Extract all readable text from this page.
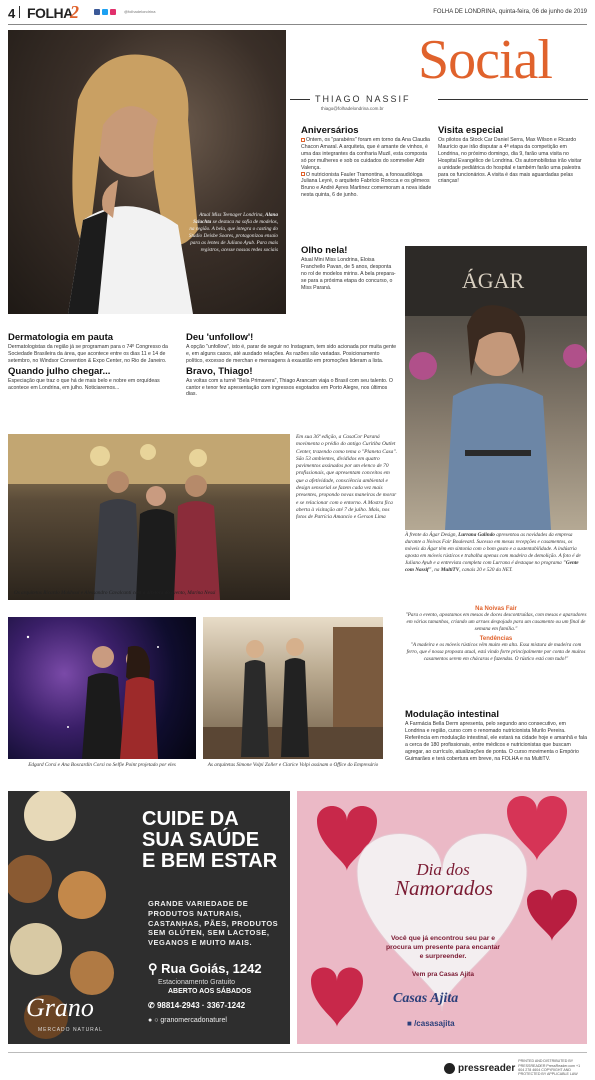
4 FOLHA
2	@folhadelondrina	FOLHA DE LONDRINA, quinta-feira, 06 de junho de 2019

Atual Miss Teenager Londrina, Alana Szlachta se destaca na sofia de modelos, na região. A bela, que integra o casting do Studio Deisbe Soares, protagonizou ensaio para as lentes de Juliano Ayub. Para mais registros, acesse nossas redes sociais

Social
THIAGO NASSIF
thiago@folhadelondrina.com.br
Aniversários

Ontem, os "parabéns" foram em torno da Ana Claudia Chacon Amaral. A arquiteta, que é amante de vinhos, é uma das integrantes da confraria Muzil, esta composta só por mulheres e sob os cuidados do sommelier Adir Valença.

O nutricionista Fauler Tramontina, a fonoaudióloga Juliana Leyré, o arquiteto Fabrício Roncca e os gêmeos Bruno e André Ayres Martinez comemoram a nova idade nesta quinta, 6 de junho.

Visita especial

Os pilotos da Stock Car Daniel Serra, Max Wilson e Ricardo Maurício que irão disputar a 4ª etapa da competição em Londrina, no próximo domingo, dia 9, farão uma visita no Hospital Evangélico de Londrina. Os automobilistas irão visitar a unidade pediátrica do hospital e também farão uma palestra para os funcionários. A visita é das mais aguardadas pelas crianças!

Olho nela!

Atual Mini Miss Londrina, Eloisa Franchello Pavan, de 5 anos, desponta no rol de modelos mirins. A bela prepara-se para a próxima etapa do concurso, o Miss Paraná.	ÁGAR

À frente da Ágar Design, Lurrana Galindo apresentou as novidades da empresa durante a Noivas Fair Boulevard. Sucesso em mesas recepções e casamentos, os móveis da Ágar têm em sintonia com o bom gosto e a sustentabilidade. A indústria aposta em móveis rústicos e trabalha apenas com madeira de demolição. A foto é de Juliano Ayub e a entrevista completa com Lurrana é destaque no programa "Gente com Nassif", na MultiTV, canais 20 e 520 da NET.

Dermatologia em pauta

Dermatologistas da região já se programam para o 74º Congresso da Sociedade Brasileira da área, que acontece entre os dias 11 e 14 de setembro, no Windsor Convention & Expo Center, no Rio de Janeiro.

Quando julho chegar...

Especiação que traz o que há de mais belo e nobre em orquídeas acontece em Londrina, em julho. Noticiaremos...

Deu 'unfollow'!

A opção "unfollow", isto é, parar de seguir no Instagram, tem sido acionada por muita gente e, em alguns casos, até ausdado relações. As razões são variadas. Posicionamento político, excesso de merchan e mensagens à exaustão em promoções lideram a lista.

Bravo, Thiago!

As voltas com a turnê "Bela Primavera", Thiago Arancam viaja o Brasil com seu talento. O cantor e tenor fez apresentação com ingressos esgotados em Porto Alegre, nos últimos dias.

Os arquitetos Ricardo Makhoul e Alessandro Cavalcanti com a diretora do evento, Marina Nessi

Em sua 36ª edição, a CasaCor Paraná movimenta o prédio do antigo Curitiba Outlet Center, trazendo como tema o "Planeta Casa". São 53 ambientes, divididos em quatro pavimentos assinados por um elenco de 70 profissionais, que apresentam conceitos em que a afetividade, consciência ambiental e design sensorial se fazem cada vez mais presentes, propondo novas maneiras de morar e se relacionar com o entorno. A Mostra fica aberta à visitação até 7 de julho. Mais, nos fotos de Patrícia Amancio e Gerson Lima

Na Noivas Fair

"Para o evento, apostamos em mesas de doces descontruídas, com mesas e aparadores em várias tamanhos, criando um arraes despojado para um casamento ou um final de semana em família."

Tendências

"A madeira e os móveis rústicos vêm muito em alta. Essa mistura de madeira com ferro, que é nossa proposta atual, está vindo forte principalmente por conta de muitos casamentos serem em chácaras e fazendas. O rústico está com tudo!"

Edgard Corsi e Ana Boscardin Corsi no Selfie Point projetado por eles	As arquitetas Simone Volpi Zoller e Clarice Volpi assinam o Office do Empresário

Modulação intestinal

A Farmácia Bella Derm apresenta, pelo segundo ano consecutivo, em Londrina e região, curso com o renomado nutricionista Murilo Pereira. Referência em modulação intestinal, ele estará na cidade hoje e amanhã e fala a cerca de 180 profissionais, entre médicos e nutricionistas que buscam agregar, ao currículo, atualizações de ponta. O curso movimenta o Empório Guimarães e terá cobertura em breve, na FOLHA e na MultiTV.

CUIDE DA
SUA SAÚDE
E BEM ESTAR

GRANDE VARIEDADE DE PRODUTOS NATURAIS, CASTANHAS, PÃES, PRODUTOS SEM GLÚTEN, SEM LACTOSE, VEGANOS E MUITO MAIS.

⚲ Rua Goiás, 1242
Estacionamento Gratuito
ABERTO AOS SÁBADOS
✆ 98814-2943 · 3367-1242
● ○ granomercadonaturel
Grano
MERCADO NATURAL
Dia dos
Namorados

Você que já encontrou seu par e procura um presente para encantar e surpreender.

Vem pra Casas Ajita
Casas Ajita
■ /casasajita
pressreader
PRINTED AND DISTRIBUTED BY PRESSREADER PressReader.com +1 604 278 4604 COPYRIGHT AND PROTECTED BY APPLICABLE LAW
